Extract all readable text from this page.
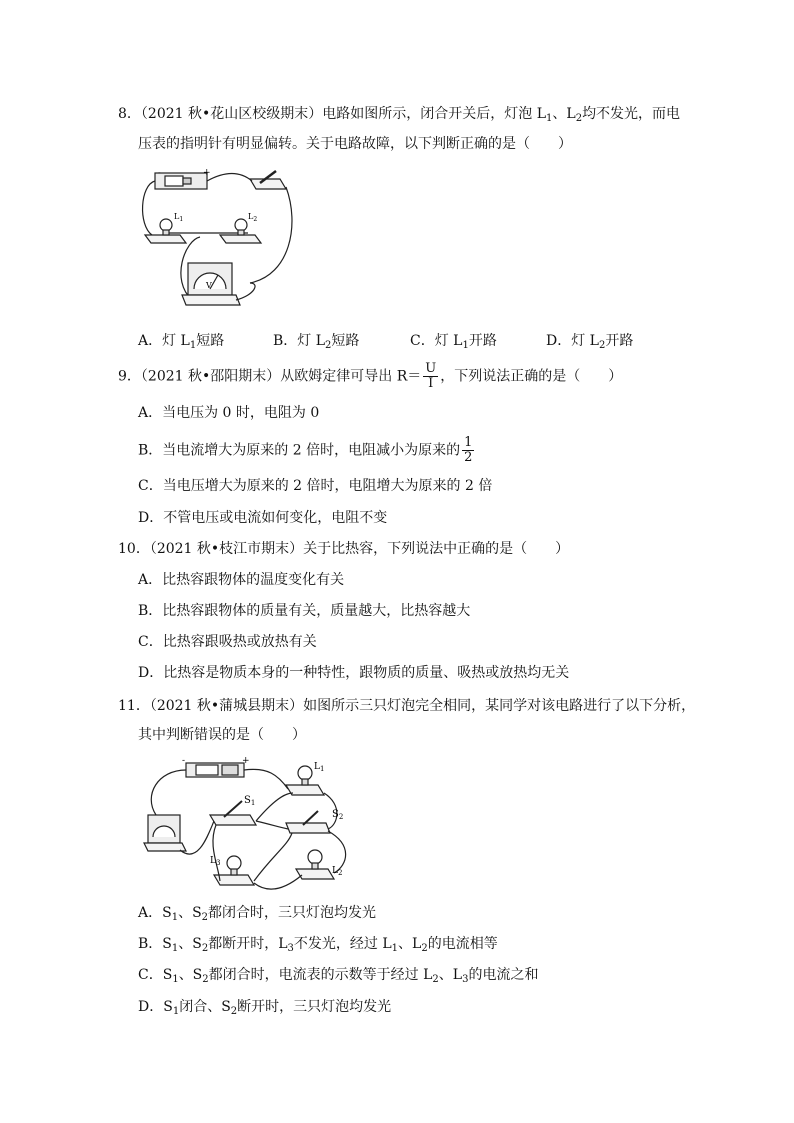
8．（2021 秋•花山区校级期末）电路如图所示，闭合开关后，灯泡 $L_1$、$L_2$均不发光，而电
压表的指明针有明显偏转。关于电路故障，以下判断正确的是（　　）
-	+
$L_1$	$L_2$
V
A．灯 $L_1$短路	B．灯 $L_2$短路	C．灯 $L_1$开路	D．灯 $L_2$开路
9．（2021 秋•邵阳期末）从欧姆定律可导出 $R= \frac{U}{I}$ ，下列说法正确的是（　　）
A．当电压为 0 时，电阻为 0
B．当电流增大为原来的 2 倍时，电阻减小为原来的 $\frac{1}{2}$
C．当电压增大为原来的 2 倍时，电阻增大为原来的 2 倍
D．不管电压或电流如何变化，电阻不变
10．（2021 秋•枝江市期末）关于比热容，下列说法中正确的是（　　）
A．比热容跟物体的温度变化有关
B．比热容跟物体的质量有关，质量越大，比热容越大
C．比热容跟吸热或放热有关
D．比热容是物质本身的一种特性，跟物质的质量、吸热或放热均无关
11．（2021 秋•蒲城县期末）如图所示三只灯泡完全相同，某同学对该电路进行了以下分析，
其中判断错误的是（　　）
-	+
$L_1$
$L_2$
$L_3$
$S_1$
$S_2$
A．$S_1$、$S_2$都闭合时，三只灯泡均发光
B．$S_1$、$S_2$都断开时，$L_3$不发光，经过 $L_1$、$L_2$的电流相等
C．$S_1$、$S_2$都闭合时，电流表的示数等于经过 $L_2$、$L_3$的电流之和
D．$S_1$闭合、$S_2$断开时，三只灯泡均发光
